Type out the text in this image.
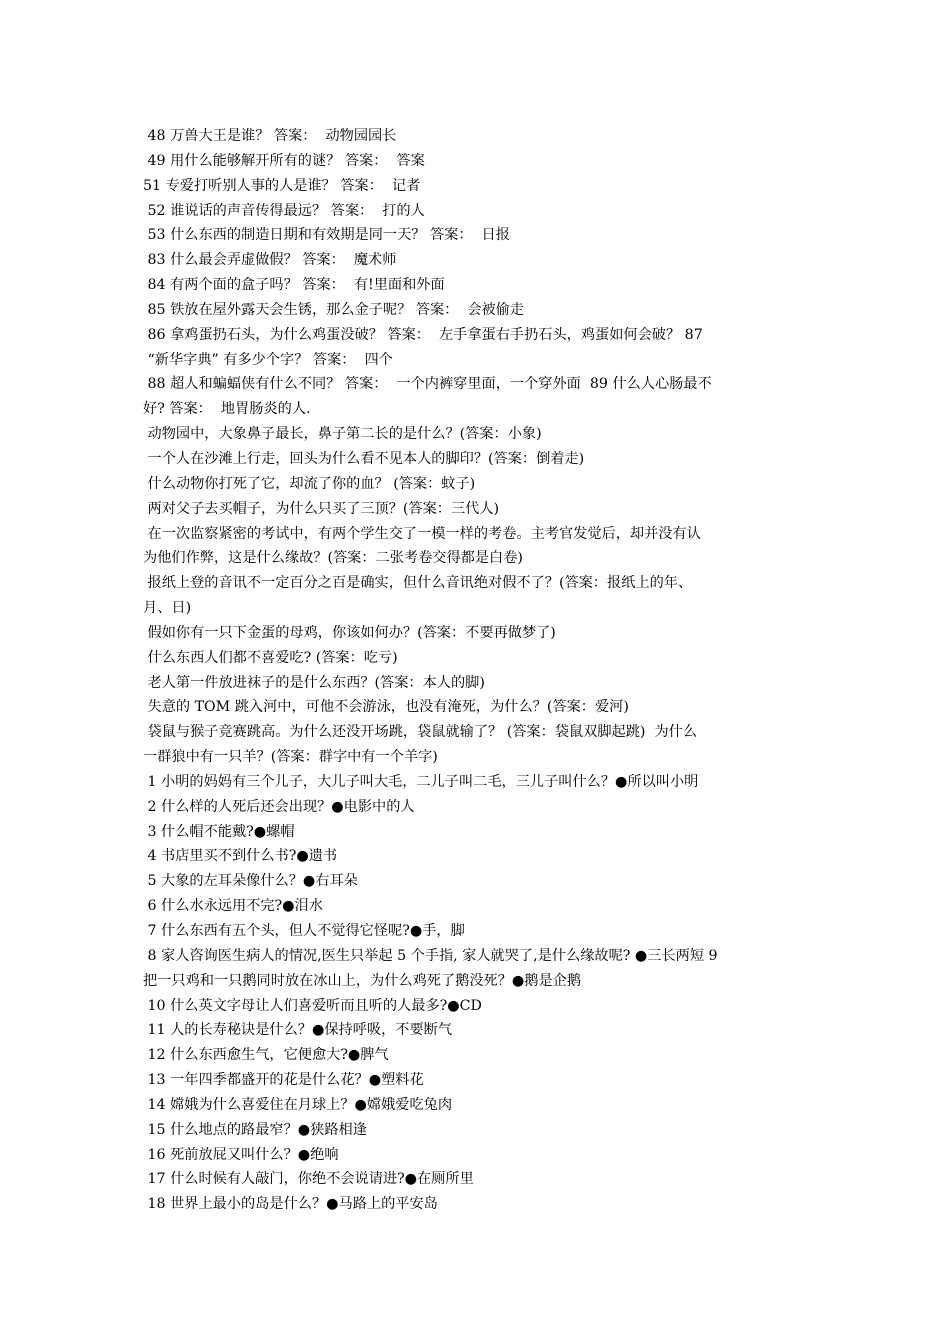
48 万兽大王是谁？ 答案：  动物园园长
49 用什么能够解开所有的谜？ 答案：  答案
51 专爱打听别人事的人是谁？ 答案：  记者
52 谁说话的声音传得最远？ 答案：  打的人
53 什么东西的制造日期和有效期是同一天？ 答案：  日报
83 什么最会弄虚做假？ 答案：  魔术师
84 有两个面的盒子吗？ 答案：  有!里面和外面
85 铁放在屋外露天会生锈，那么金子呢？ 答案：  会被偷走
86 拿鸡蛋扔石头，为什么鸡蛋没破？ 答案：  左手拿蛋右手扔石头，鸡蛋如何会破？ 87
“新华字典” 有多少个字？ 答案：  四个
88 超人和蝙蝠侠有什么不同？ 答案：  一个内裤穿里面，一个穿外面  89 什么人心肠最不
好? 答案：  地胃肠炎的人.
动物园中，大象鼻子最长，鼻子第二长的是什么？(答案：小象)
一个人在沙滩上行走，回头为什么看不见本人的脚印？(答案：倒着走)
什么动物你打死了它，却流了你的血？ (答案：蚊子)
两对父子去买帽子，为什么只买了三顶？(答案：三代人)
在一次监察紧密的考试中，有两个学生交了一模一样的考卷。主考官发觉后，却并没有认
为他们作弊，这是什么缘故？(答案：二张考卷交得都是白卷)
报纸上登的音讯不一定百分之百是确实，但什么音讯绝对假不了？(答案：报纸上的年、
月、日)
假如你有一只下金蛋的母鸡，你该如何办？(答案：不要再做梦了)
什么东西人们都不喜爱吃? (答案：吃亏)
老人第一件放进袜子的是什么东西？(答案：本人的脚)
失意的 TOM 跳入河中，可他不会游泳，也没有淹死，为什么？(答案：爱河)
袋鼠与猴子竞赛跳高。为什么还没开场跳，袋鼠就输了？ (答案：袋鼠双脚起跳)  为什么
一群狼中有一只羊？(答案：群字中有一个羊字)
1 小明的妈妈有三个儿子，大儿子叫大毛，二儿子叫二毛，三儿子叫什么？●所以叫小明
2 什么样的人死后还会出现？●电影中的人
3 什么帽不能戴?●螺帽
4 书店里买不到什么书?●遗书
5 大象的左耳朵像什么？●右耳朵
6 什么水永远用不完?●泪水
7 什么东西有五个头，但人不觉得它怪呢?●手，脚
8 家人咨询医生病人的情况,医生只举起 5 个手指, 家人就哭了,是什么缘故呢? ●三长两短 9
把一只鸡和一只鹅同时放在冰山上，为什么鸡死了鹅没死？●鹅是企鹅
10 什么英文字母让人们喜爱听而且听的人最多?●CD
11 人的长寿秘诀是什么？●保持呼吸，不要断气
12 什么东西愈生气，它便愈大?●脾气
13 一年四季都盛开的花是什么花？●塑料花
14 嫦娥为什么喜爱住在月球上？●嫦娥爱吃兔肉
15 什么地点的路最窄？●狭路相逢
16 死前放屁又叫什么？●绝响
17 什么时候有人敲门，你绝不会说请进?●在厕所里
18 世界上最小的岛是什么？●马路上的平安岛
